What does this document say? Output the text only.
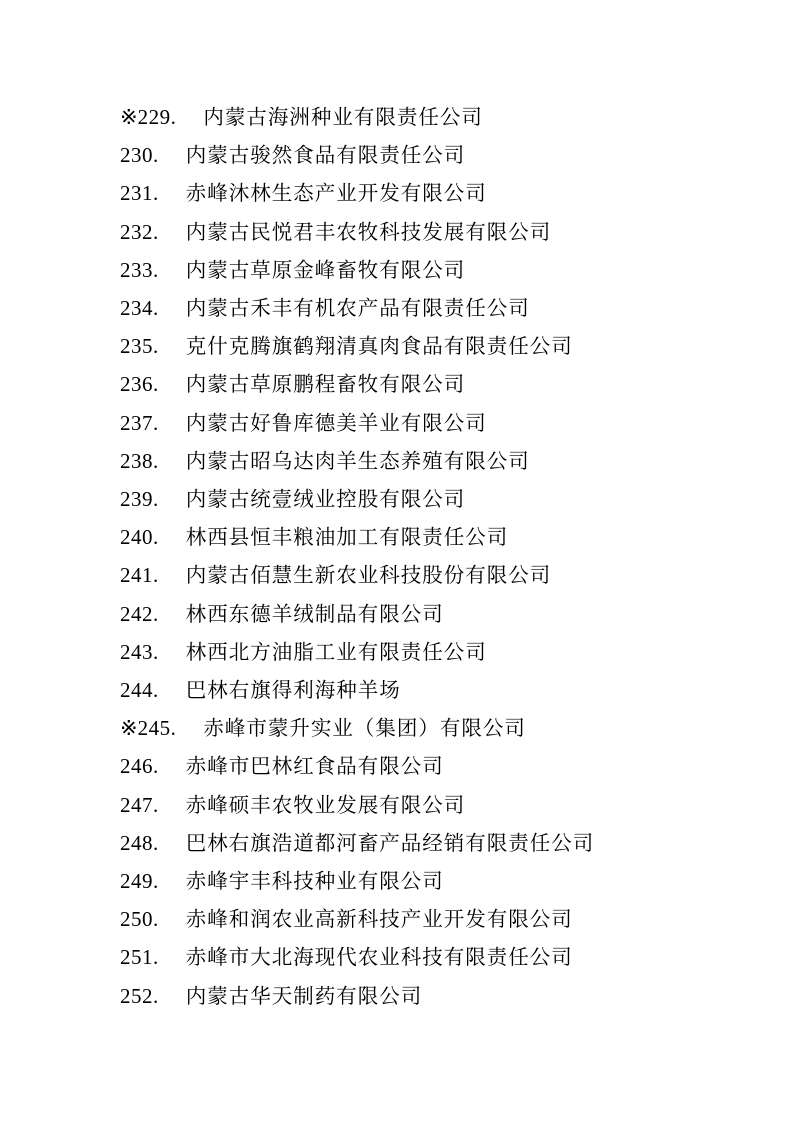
※229. 内蒙古海洲种业有限责任公司
230. 内蒙古骏然食品有限责任公司
231. 赤峰沐林生态产业开发有限公司
232. 内蒙古民悦君丰农牧科技发展有限公司
233. 内蒙古草原金峰畜牧有限公司
234. 内蒙古禾丰有机农产品有限责任公司
235. 克什克腾旗鹤翔清真肉食品有限责任公司
236. 内蒙古草原鹏程畜牧有限公司
237. 内蒙古好鲁库德美羊业有限公司
238. 内蒙古昭乌达肉羊生态养殖有限公司
239. 内蒙古统壹绒业控股有限公司
240. 林西县恒丰粮油加工有限责任公司
241. 内蒙古佰慧生新农业科技股份有限公司
242. 林西东德羊绒制品有限公司
243. 林西北方油脂工业有限责任公司
244. 巴林右旗得利海种羊场
※245. 赤峰市蒙升实业（集团）有限公司
246. 赤峰市巴林红食品有限公司
247. 赤峰硕丰农牧业发展有限公司
248. 巴林右旗浩道都河畜产品经销有限责任公司
249. 赤峰宇丰科技种业有限公司
250. 赤峰和润农业高新科技产业开发有限公司
251. 赤峰市大北海现代农业科技有限责任公司
252. 内蒙古华天制药有限公司
